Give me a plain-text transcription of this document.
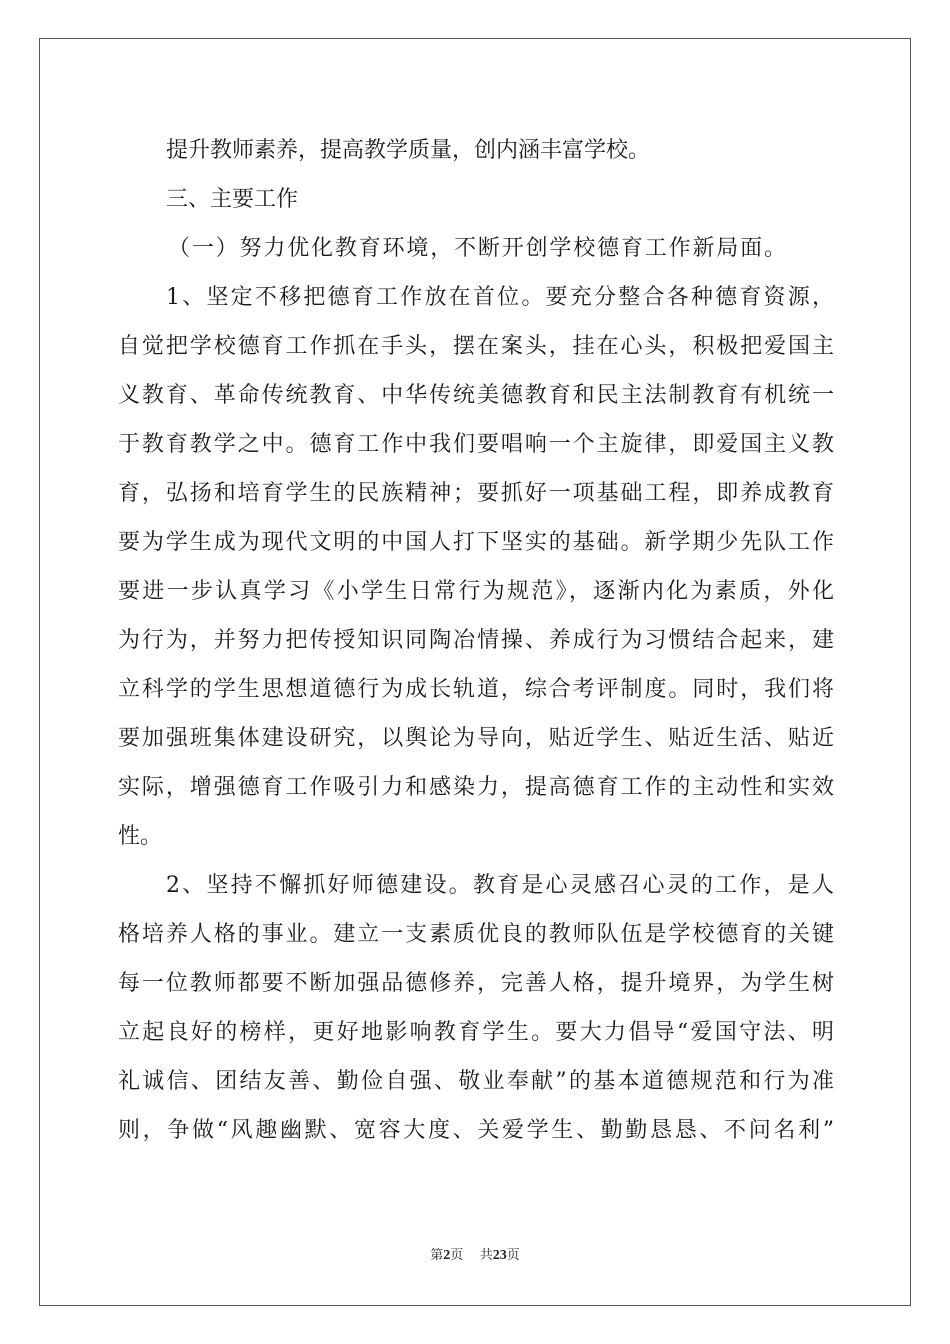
提升教师素养，提高教学质量，创内涵丰富学校。

三、主要工作

（一）努力优化教育环境，不断开创学校德育工作新局面。

1、坚定不移把德育工作放在首位。要充分整合各种德育资源，

自觉把学校德育工作抓在手头，摆在案头，挂在心头，积极把爱国主

义教育、革命传统教育、中华传统美德教育和民主法制教育有机统一

于教育教学之中。德育工作中我们要唱响一个主旋律，即爱国主义教

育，弘扬和培育学生的民族精神；要抓好一项基础工程，即养成教育

要为学生成为现代文明的中国人打下坚实的基础。新学期少先队工作

要进一步认真学习《小学生日常行为规范》，逐渐内化为素质，外化

为行为，并努力把传授知识同陶冶情操、养成行为习惯结合起来，建

立科学的学生思想道德行为成长轨道，综合考评制度。同时，我们将

要加强班集体建设研究，以舆论为导向，贴近学生、贴近生活、贴近

实际，增强德育工作吸引力和感染力，提高德育工作的主动性和实效

性。

2、坚持不懈抓好师德建设。教育是心灵感召心灵的工作，是人

格培养人格的事业。建立一支素质优良的教师队伍是学校德育的关键

每一位教师都要不断加强品德修养，完善人格，提升境界，为学生树

立起良好的榜样，更好地影响教育学生。要大力倡导“爱国守法、明

礼诚信、团结友善、勤俭自强、敬业奉献”的基本道德规范和行为准

则，争做“风趣幽默、宽容大度、关爱学生、勤勤恳恳、不问名利”

第2页 共23页
